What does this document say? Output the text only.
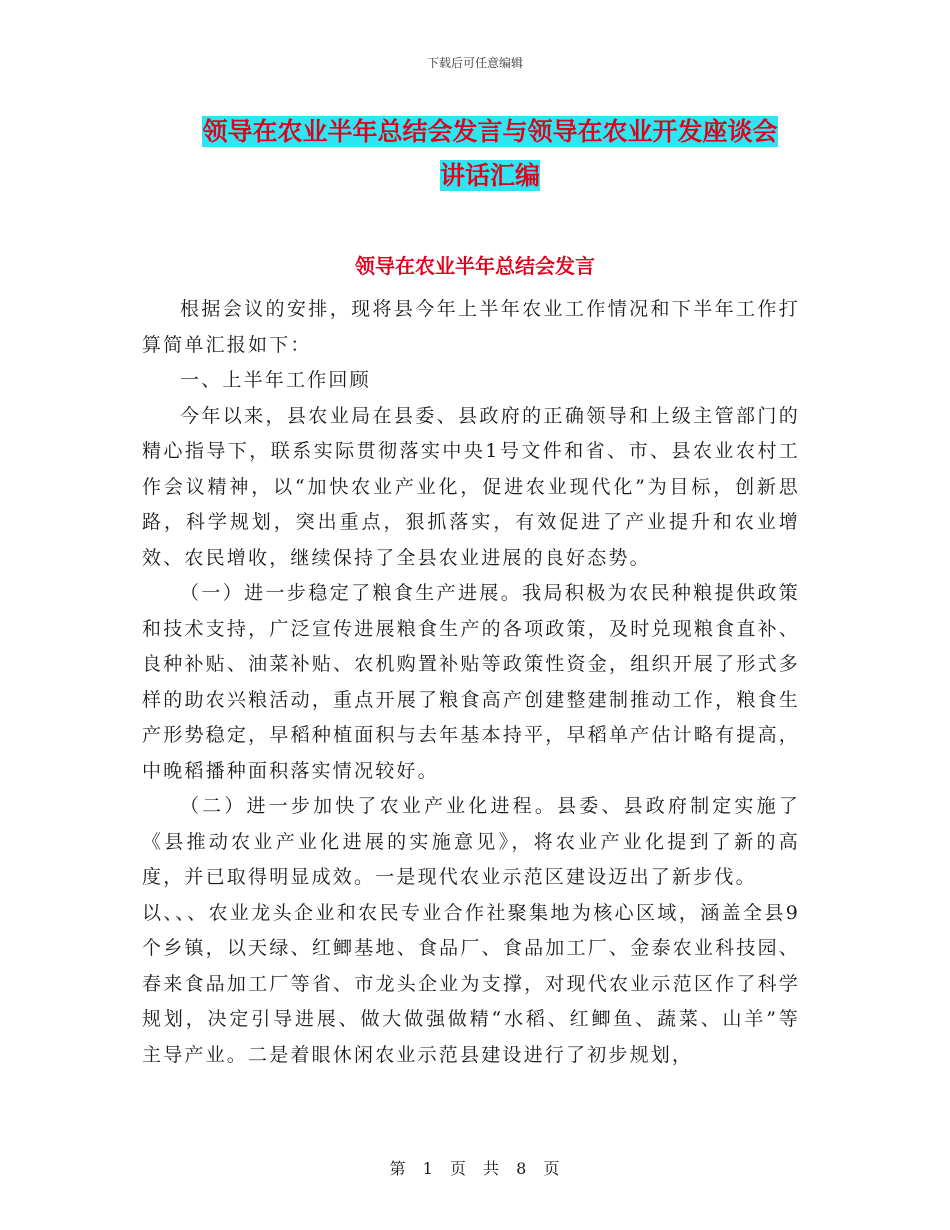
下载后可任意编辑
领导在农业半年总结会发言与领导在农业开发座谈会
讲话汇编
领导在农业半年总结会发言

根据会议的安排，现将县今年上半年农业工作情况和下半年工作打算简单汇报如下：

一、上半年工作回顾

今年以来，县农业局在县委、县政府的正确领导和上级主管部门的精心指导下，联系实际贯彻落实中央1号文件和省、市、县农业农村工作会议精神，以“加快农业产业化，促进农业现代化”为目标，创新思路，科学规划，突出重点，狠抓落实，有效促进了产业提升和农业增效、农民增收，继续保持了全县农业进展的良好态势。

（一）进一步稳定了粮食生产进展。我局积极为农民种粮提供政策和技术支持，广泛宣传进展粮食生产的各项政策，及时兑现粮食直补、良种补贴、油菜补贴、农机购置补贴等政策性资金，组织开展了形式多样的助农兴粮活动，重点开展了粮食高产创建整建制推动工作，粮食生产形势稳定，早稻种植面积与去年基本持平，早稻单产估计略有提高，中晚稻播种面积落实情况较好。

（二）进一步加快了农业产业化进程。县委、县政府制定实施了《县推动农业产业化进展的实施意见》，将农业产业化提到了新的高度，并已取得明显成效。一是现代农业示范区建设迈出了新步伐。

以、、、农业龙头企业和农民专业合作社聚集地为核心区域，涵盖全县9个乡镇，以天绿、红鲫基地、食品厂、食品加工厂、金泰农业科技园、春来食品加工厂等省、市龙头企业为支撑，对现代农业示范区作了科学规划，决定引导进展、做大做强做精“水稻、红鲫鱼、蔬菜、山羊”等主导产业。二是着眼休闲农业示范县建设进行了初步规划，

第 1 页 共 8 页
